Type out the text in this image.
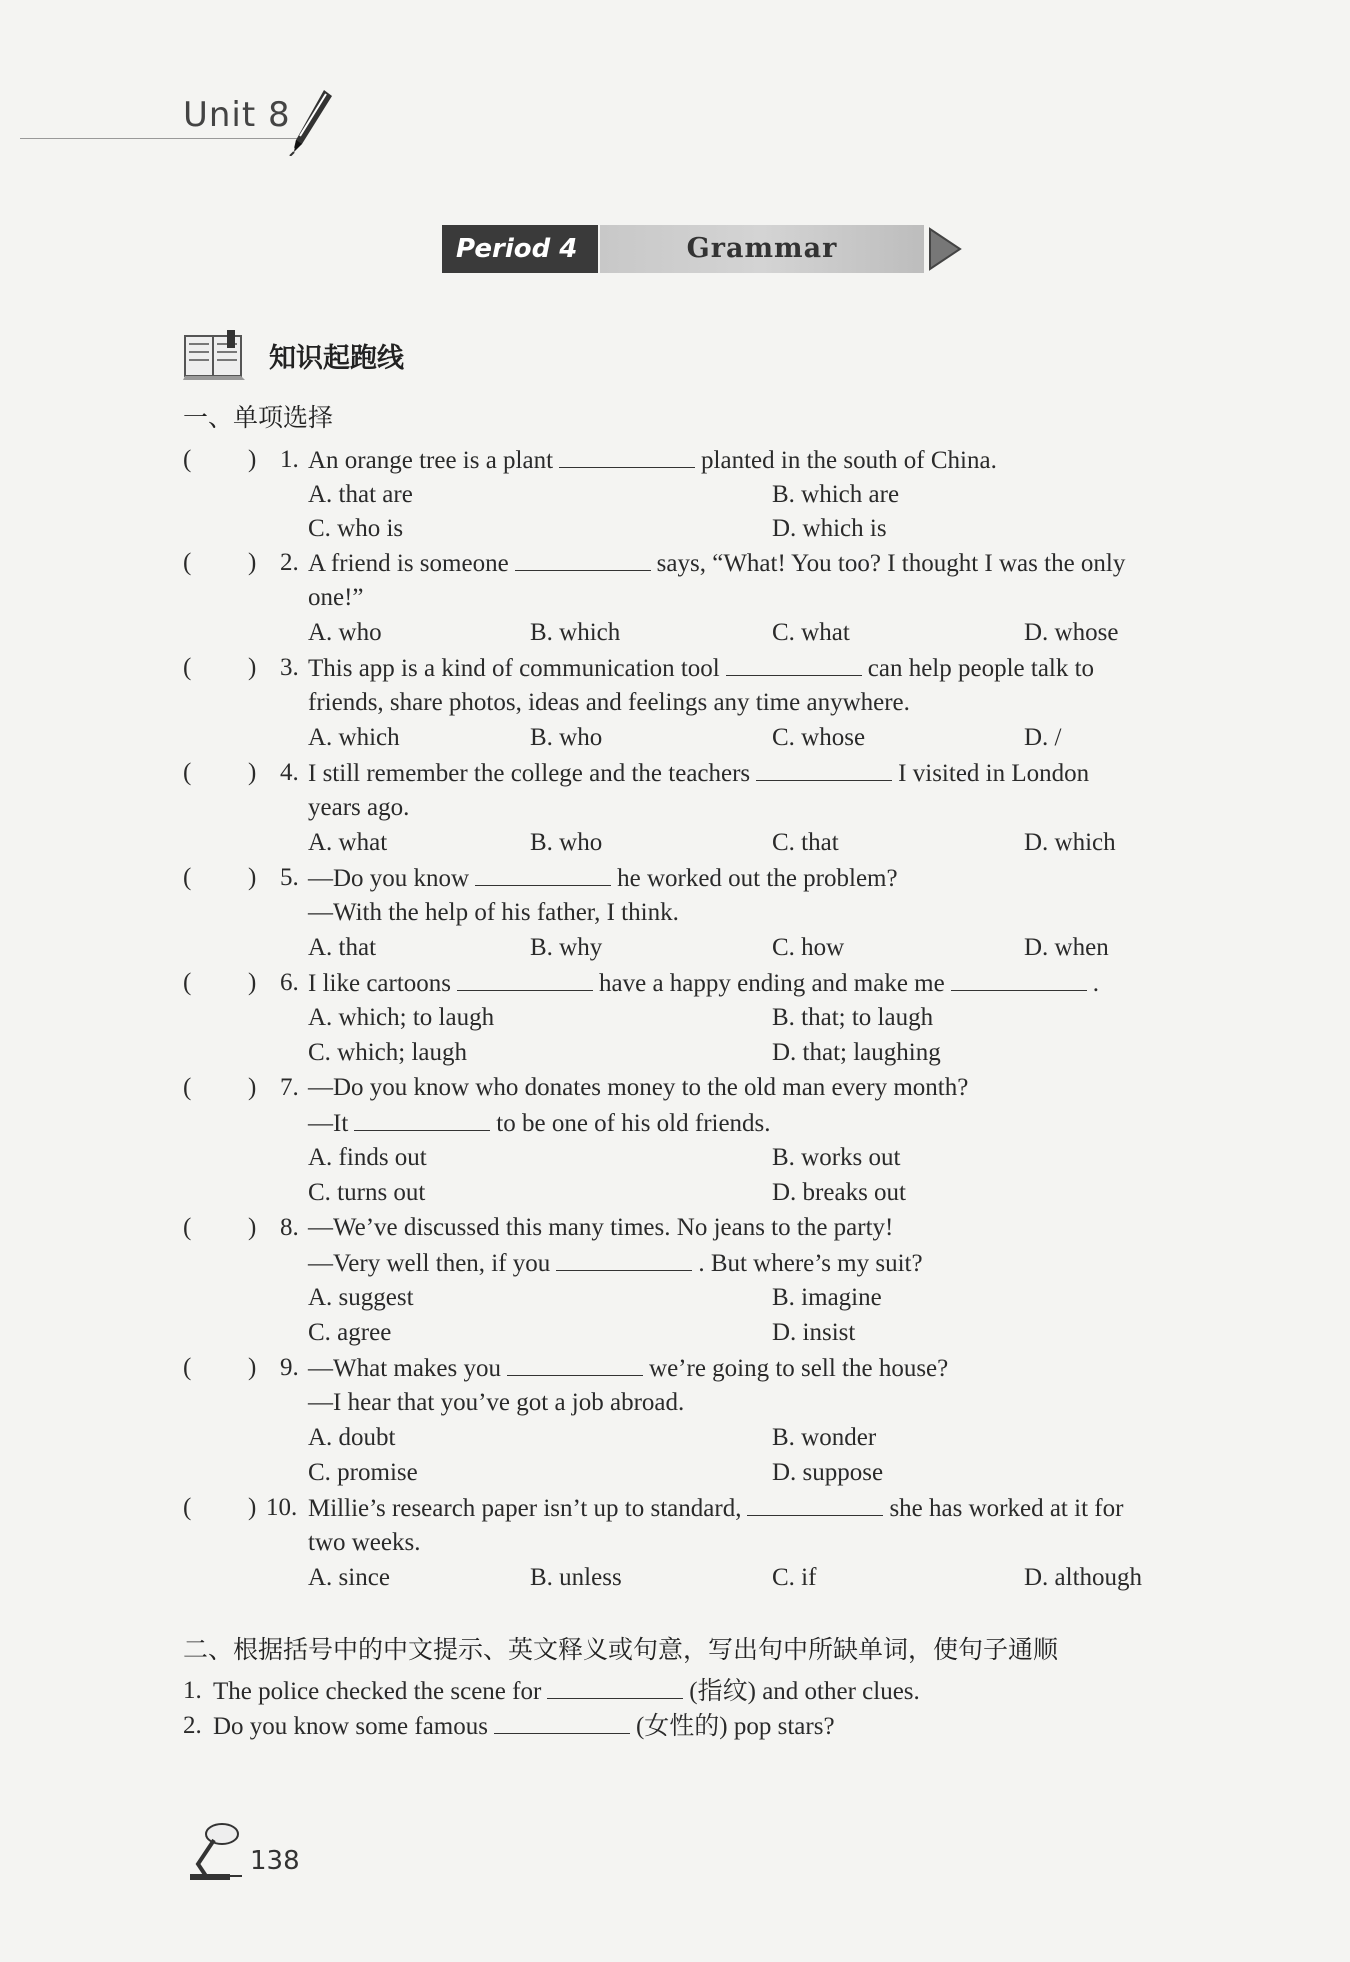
Unit 8
Period 4	Grammar
知识起跑线
一、单项选择
( ) 1. An orange tree is a plant	planted in the south of China.
A. that are	B. which are
C. who is	D. which is
( ) 2. A friend is someone	says, “What! You too? I thought I was the only
one!”
A. who	B. which	C. what	D. whose
( ) 3. This app is a kind of communication tool	can help people talk to
friends, share photos, ideas and feelings any time anywhere.
A. which	B. who	C. whose	D. /
( ) 4. I still remember the college and the teachers	I visited in London
years ago.
A. what	B. who	C. that	D. which
( ) 5. —Do you know	he worked out the problem?
—With the help of his father, I think.
A. that	B. why	C. how	D. when
( ) 6. I like cartoons	have a happy ending and make me	.
A. which; to laugh	B. that; to laugh
C. which; laugh	D. that; laughing
( ) 7. —Do you know who donates money to the old man every month?
—It	to be one of his old friends.
A. finds out	B. works out
C. turns out	D. breaks out
( ) 8. —We’ve discussed this many times. No jeans to the party!
—Very well then, if you	. But where’s my suit?
A. suggest	B. imagine
C. agree	D. insist
( ) 9. —What makes you	we’re going to sell the house?
—I hear that you’ve got a job abroad.
A. doubt	B. wonder
C. promise	D. suppose
( ) 10. Millie’s research paper isn’t up to standard,	she has worked at it for
two weeks.
A. since	B. unless	C. if	D. although
二、根据括号中的中文提示、英文释义或句意，写出句中所缺单词，使句子通顺
1. The police checked the scene for	(指纹) and other clues.
2. Do you know some famous	(女性的) pop stars?
138
